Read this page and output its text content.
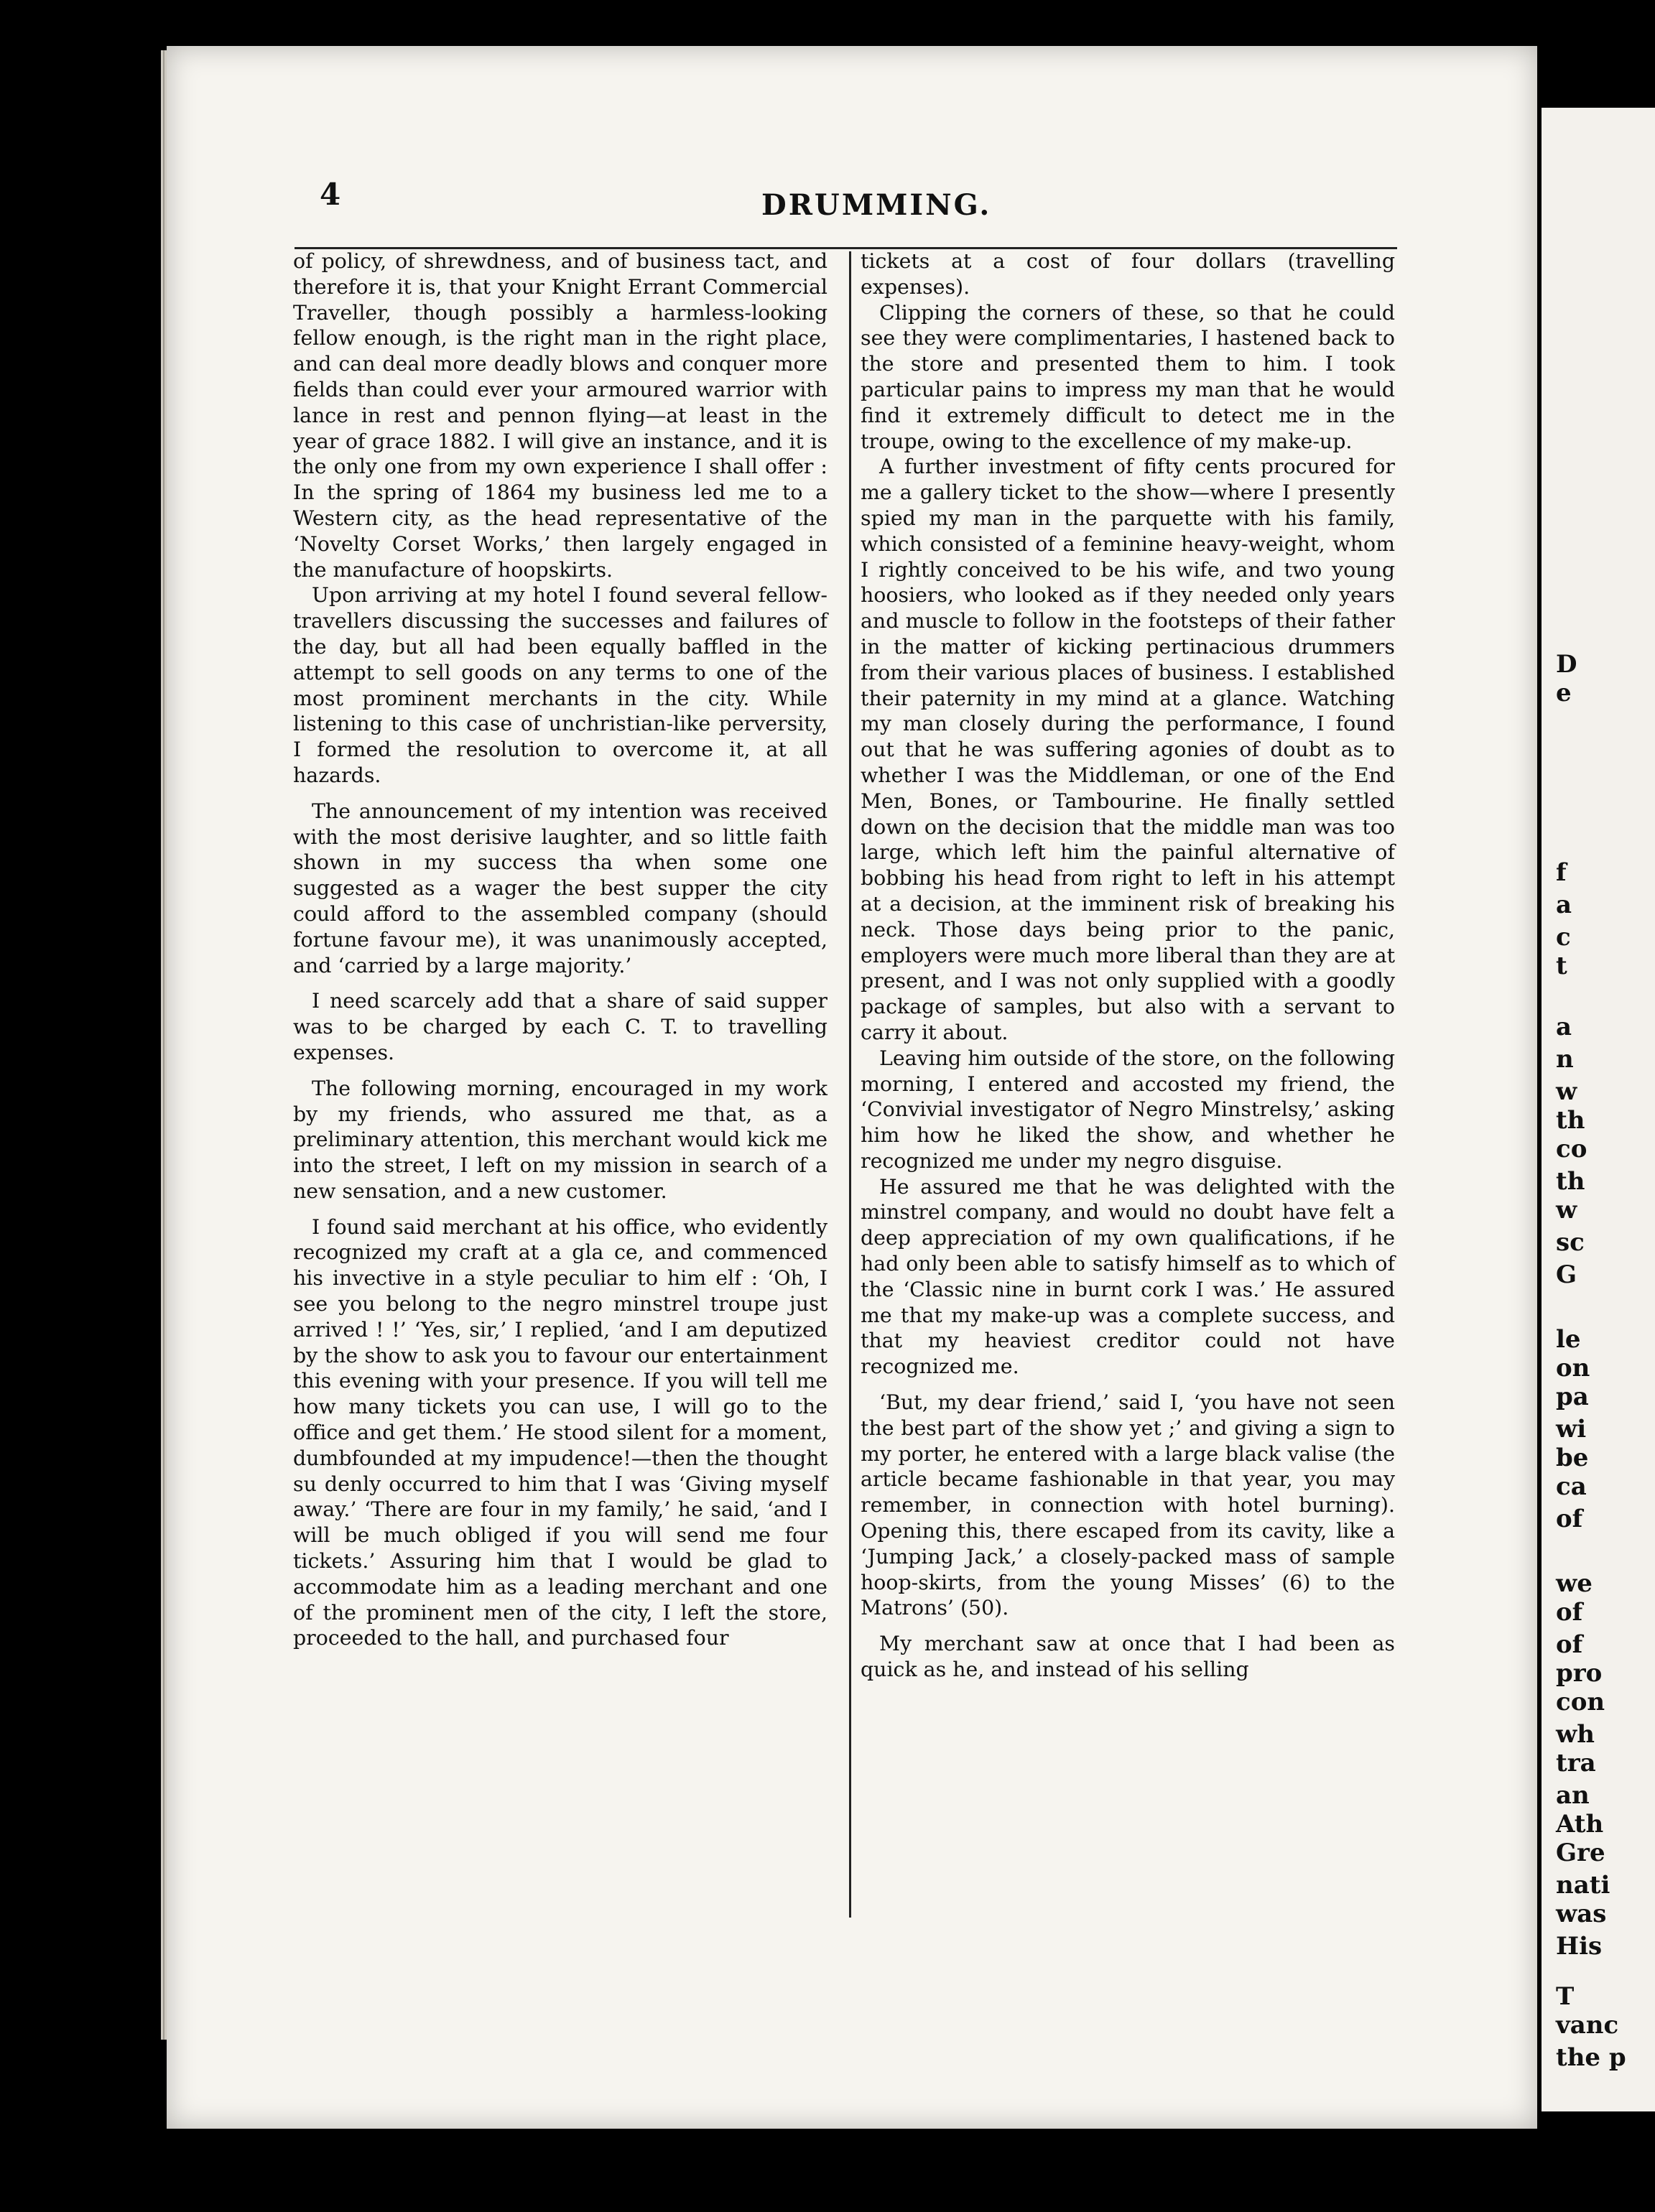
4	DRUMMING.

of policy, of shrewdness, and of business tact, and therefore it is, that your Knight Errant Commercial Traveller, though possibly a harmless-looking fellow enough, is the right man in the right place, and can deal more deadly blows and conquer more fields than could ever your armoured warrior with lance in rest and pennon flying—at least in the year of grace 1882. I will give an instance, and it is the only one from my own experience I shall offer : In the spring of 1864 my business led me to a Western city, as the head representative of the ‘Novelty Corset Works,’ then largely engaged in the manufacture of hoopskirts.

Upon arriving at my hotel I found several fellow-travellers discussing the successes and failures of the day, but all had been equally baffled in the attempt to sell goods on any terms to one of the most prominent merchants in the city. While listening to this case of unchristian-like perversity, I formed the resolution to overcome it, at all hazards.

The announcement of my intention was received with the most derisive laughter, and so little faith shown in my success tha when some one suggested as a wager the best supper the city could afford to the assembled company (should fortune favour me), it was unanimously accepted, and ‘carried by a large majority.’

I need scarcely add that a share of said supper was to be charged by each C. T. to travelling expenses.

The following morning, encouraged in my work by my friends, who assured me that, as a preliminary attention, this merchant would kick me into the street, I left on my mission in search of a new sensation, and a new customer.

I found said merchant at his office, who evidently recognized my craft at a gla ce, and commenced his invective in a style peculiar to him elf : ‘Oh, I see you belong to the negro minstrel troupe just arrived ! !’ ‘Yes, sir,’ I replied, ‘and I am deputized by the show to ask you to favour our entertainment this evening with your presence. If you will tell me how many tickets you can use, I will go to the office and get them.’ He stood silent for a moment, dumbfounded at my impudence!—then the thought su denly occurred to him that I was ‘Giving myself away.’ ‘There are four in my family,’ he said, ‘and I will be much obliged if you will send me four tickets.’ Assuring him that I would be glad to accommodate him as a leading merchant and one of the prominent men of the city, I left the store, proceeded to the hall, and purchased four

tickets at a cost of four dollars (travelling expenses).

Clipping the corners of these, so that he could see they were complimentaries, I hastened back to the store and presented them to him. I took particular pains to impress my man that he would find it extremely difficult to detect me in the troupe, owing to the excellence of my make-up.

A further investment of fifty cents procured for me a gallery ticket to the show—where I presently spied my man in the parquette with his family, which consisted of a feminine heavy-weight, whom I rightly conceived to be his wife, and two young hoosiers, who looked as if they needed only years and muscle to follow in the footsteps of their father in the matter of kicking pertinacious drummers from their various places of business. I established their paternity in my mind at a glance. Watching my man closely during the performance, I found out that he was suffering agonies of doubt as to whether I was the Middleman, or one of the End Men, Bones, or Tambourine. He finally settled down on the decision that the middle man was too large, which left him the painful alternative of bobbing his head from right to left in his attempt at a decision, at the imminent risk of breaking his neck. Those days being prior to the panic, employers were much more liberal than they are at present, and I was not only supplied with a goodly package of samples, but also with a servant to carry it about.

Leaving him outside of the store, on the following morning, I entered and accosted my friend, the ‘Convivial investigator of Negro Minstrelsy,’ asking him how he liked the show, and whether he recognized me under my negro disguise.

He assured me that he was delighted with the minstrel company, and would no doubt have felt a deep appreciation of my own qualifications, if he had only been able to satisfy himself as to which of the ‘Classic nine in burnt cork I was.’ He assured me that my make-up was a complete success, and that my heaviest creditor could not have recognized me.

‘But, my dear friend,’ said I, ‘you have not seen the best part of the show yet ;’ and giving a sign to my porter, he entered with a large black valise (the article became fashionable in that year, you may remember, in connection with hotel burning). Opening this, there escaped from its cavity, like a ‘Jumping Jack,’ a closely-packed mass of sample hoop-skirts, from the young Misses’ (6) to the Matrons’ (50).

My merchant saw at once that I had been as quick as he, and instead of his selling

D
e
f
a
c
t
a
n
w
th
co
th
w
sc
G
le
on
pa
wi
be
ca
of
we
of
of
pro
con
wh
tra
an
Ath
Gre
nati
was
His
T
vanc
the p
